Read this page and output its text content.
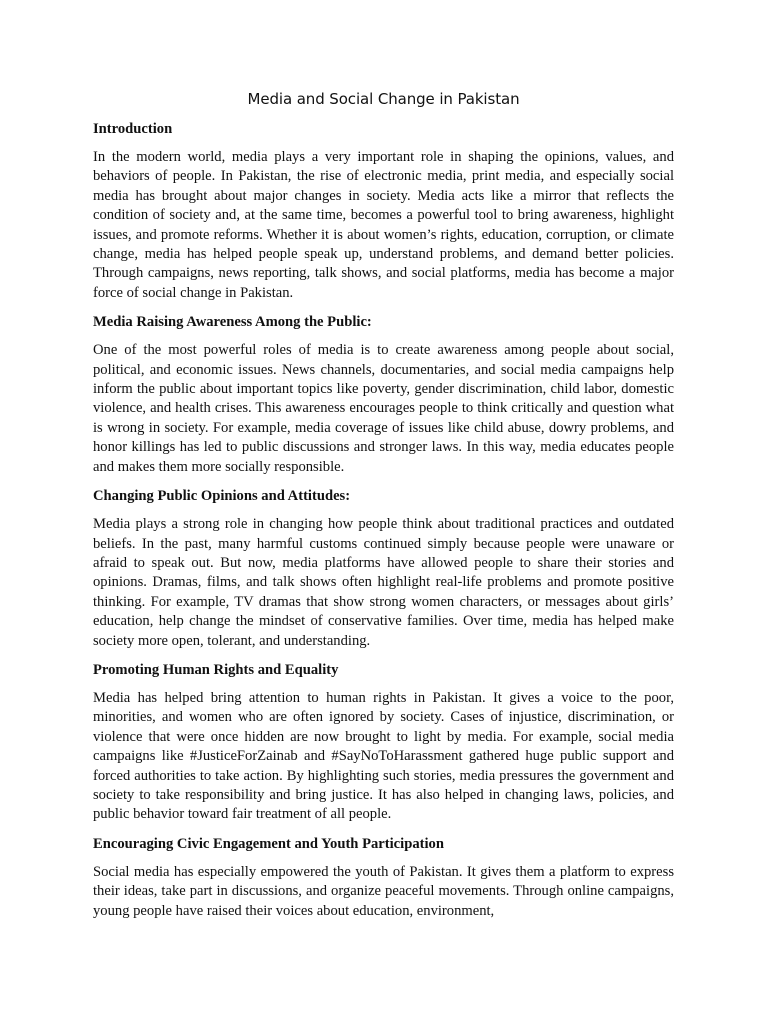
Media and Social Change in Pakistan
Introduction

In the modern world, media plays a very important role in shaping the opinions, values, and behaviors of people. In Pakistan, the rise of electronic media, print media, and especially social media has brought about major changes in society. Media acts like a mirror that reflects the condition of society and, at the same time, becomes a powerful tool to bring awareness, highlight issues, and promote reforms. Whether it is about women’s rights, education, corruption, or climate change, media has helped people speak up, understand problems, and demand better policies. Through campaigns, news reporting, talk shows, and social platforms, media has become a major force of social change in Pakistan.

Media Raising Awareness Among the Public:

One of the most powerful roles of media is to create awareness among people about social, political, and economic issues. News channels, documentaries, and social media campaigns help inform the public about important topics like poverty, gender discrimination, child labor, domestic violence, and health crises. This awareness encourages people to think critically and question what is wrong in society. For example, media coverage of issues like child abuse, dowry problems, and honor killings has led to public discussions and stronger laws. In this way, media educates people and makes them more socially responsible.

Changing Public Opinions and Attitudes:

Media plays a strong role in changing how people think about traditional practices and outdated beliefs. In the past, many harmful customs continued simply because people were unaware or afraid to speak out. But now, media platforms have allowed people to share their stories and opinions. Dramas, films, and talk shows often highlight real-life problems and promote positive thinking. For example, TV dramas that show strong women characters, or messages about girls’ education, help change the mindset of conservative families. Over time, media has helped make society more open, tolerant, and understanding.

Promoting Human Rights and Equality

Media has helped bring attention to human rights in Pakistan. It gives a voice to the poor, minorities, and women who are often ignored by society. Cases of injustice, discrimination, or violence that were once hidden are now brought to light by media. For example, social media campaigns like #JusticeForZainab and #SayNoToHarassment gathered huge public support and forced authorities to take action. By highlighting such stories, media pressures the government and society to take responsibility and bring justice. It has also helped in changing laws, policies, and public behavior toward fair treatment of all people.

Encouraging Civic Engagement and Youth Participation

Social media has especially empowered the youth of Pakistan. It gives them a platform to express their ideas, take part in discussions, and organize peaceful movements. Through online campaigns, young people have raised their voices about education, environment,
